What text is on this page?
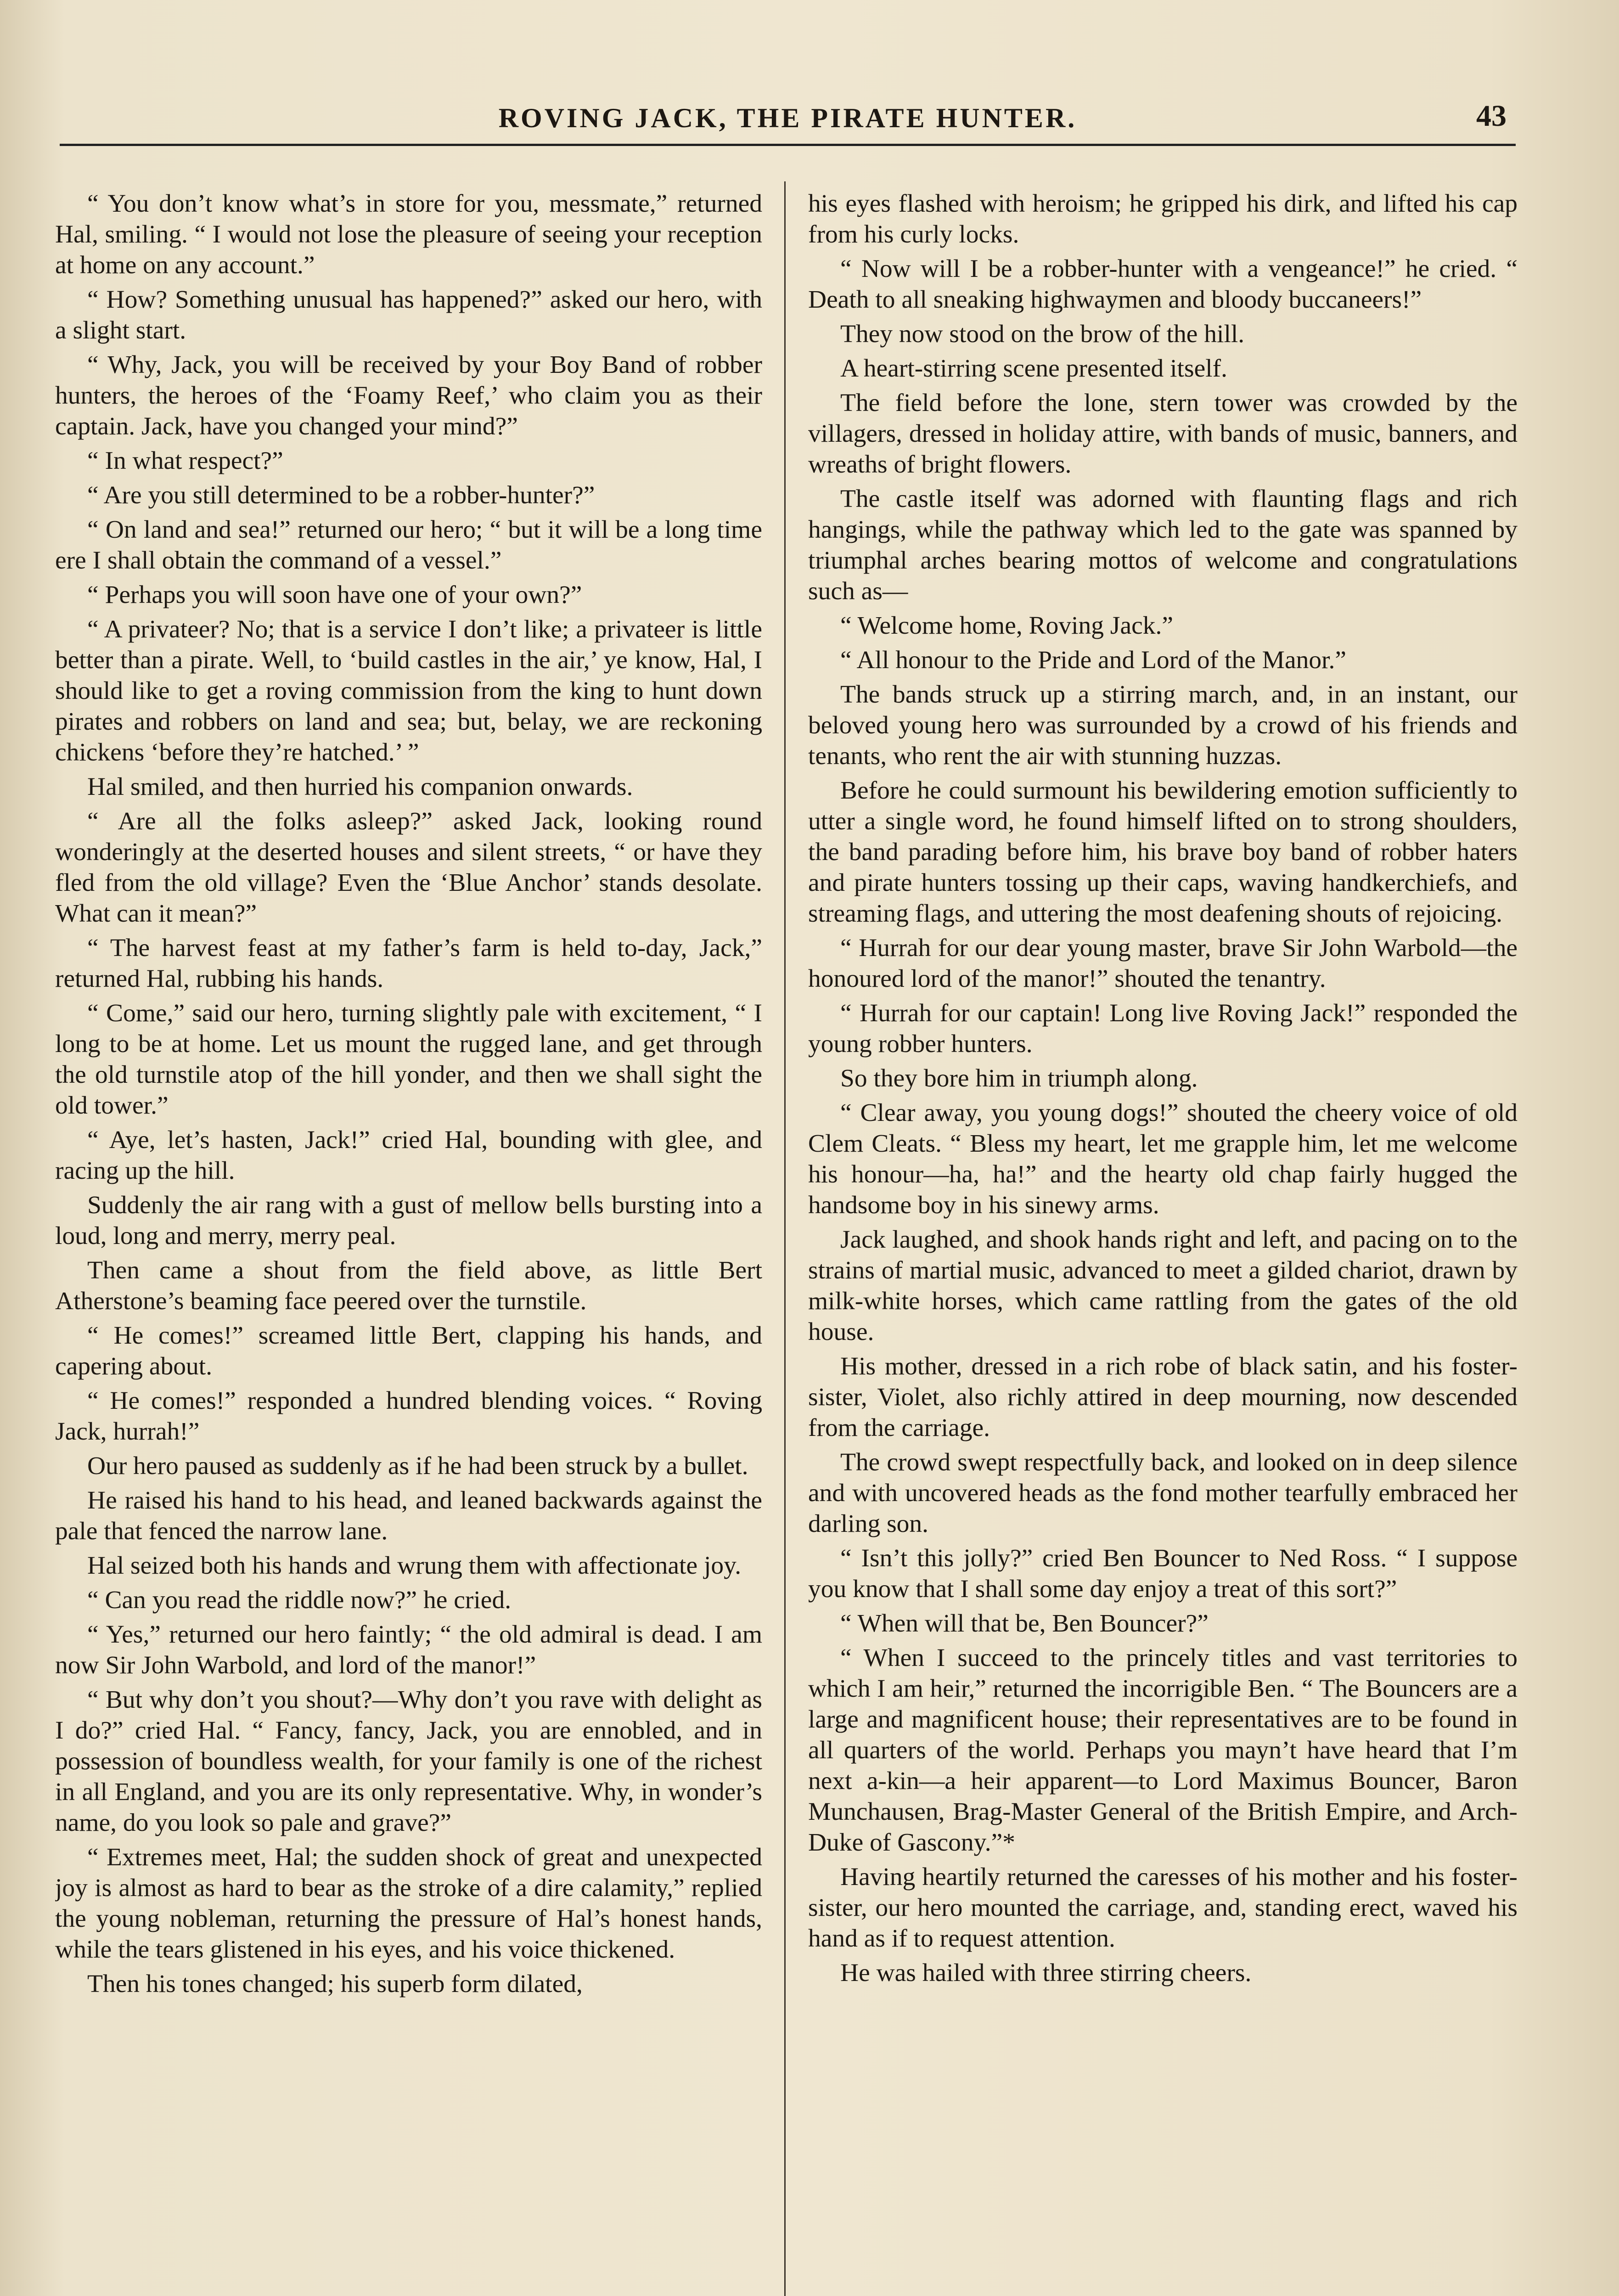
ROVING JACK, THE PIRATE HUNTER.	43

“ You don’t know what’s in store for you, messmate,” returned Hal, smiling. “ I would not lose the pleasure of seeing your reception at home on any account.”

“ How? Something unusual has happened?” asked our hero, with a slight start.

“ Why, Jack, you will be received by your Boy Band of robber hunters, the heroes of the ‘Foamy Reef,’ who claim you as their captain. Jack, have you changed your mind?”

“ In what respect?”

“ Are you still determined to be a robber-hunter?”

“ On land and sea!” returned our hero; “ but it will be a long time ere I shall obtain the command of a vessel.”

“ Perhaps you will soon have one of your own?”

“ A privateer? No; that is a service I don’t like; a privateer is little better than a pirate. Well, to ‘build castles in the air,’ ye know, Hal, I should like to get a roving commission from the king to hunt down pirates and robbers on land and sea; but, belay, we are reckoning chickens ‘before they’re hatched.’ ”

Hal smiled, and then hurried his companion onwards.

“ Are all the folks asleep?” asked Jack, looking round wonderingly at the deserted houses and silent streets, “ or have they fled from the old village? Even the ‘Blue Anchor’ stands desolate. What can it mean?”

“ The harvest feast at my father’s farm is held to-day, Jack,” returned Hal, rubbing his hands.

“ Come,” said our hero, turning slightly pale with excitement, “ I long to be at home. Let us mount the rugged lane, and get through the old turnstile atop of the hill yonder, and then we shall sight the old tower.”

“ Aye, let’s hasten, Jack!” cried Hal, bounding with glee, and racing up the hill.

Suddenly the air rang with a gust of mellow bells bursting into a loud, long and merry, merry peal.

Then came a shout from the field above, as little Bert Atherstone’s beaming face peered over the turnstile.

“ He comes!” screamed little Bert, clapping his hands, and capering about.

“ He comes!” responded a hundred blending voices. “ Roving Jack, hurrah!”

Our hero paused as suddenly as if he had been struck by a bullet.

He raised his hand to his head, and leaned backwards against the pale that fenced the narrow lane.

Hal seized both his hands and wrung them with affectionate joy.

“ Can you read the riddle now?” he cried.

“ Yes,” returned our hero faintly; “ the old admiral is dead. I am now Sir John Warbold, and lord of the manor!”

“ But why don’t you shout?—Why don’t you rave with delight as I do?” cried Hal. “ Fancy, fancy, Jack, you are ennobled, and in possession of boundless wealth, for your family is one of the richest in all England, and you are its only representative. Why, in wonder’s name, do you look so pale and grave?”

“ Extremes meet, Hal; the sudden shock of great and unexpected joy is almost as hard to bear as the stroke of a dire calamity,” replied the young nobleman, returning the pressure of Hal’s honest hands, while the tears glistened in his eyes, and his voice thickened.

Then his tones changed; his superb form dilated,

his eyes flashed with heroism; he gripped his dirk, and lifted his cap from his curly locks.

“ Now will I be a robber-hunter with a vengeance!” he cried. “ Death to all sneaking highwaymen and bloody buccaneers!”

They now stood on the brow of the hill.

A heart-stirring scene presented itself.

The field before the lone, stern tower was crowded by the villagers, dressed in holiday attire, with bands of music, banners, and wreaths of bright flowers.

The castle itself was adorned with flaunting flags and rich hangings, while the pathway which led to the gate was spanned by triumphal arches bearing mottos of welcome and congratulations such as—

“ Welcome home, Roving Jack.”

“ All honour to the Pride and Lord of the Manor.”

The bands struck up a stirring march, and, in an instant, our beloved young hero was surrounded by a crowd of his friends and tenants, who rent the air with stunning huzzas.

Before he could surmount his bewildering emotion sufficiently to utter a single word, he found himself lifted on to strong shoulders, the band parading before him, his brave boy band of robber haters and pirate hunters tossing up their caps, waving handkerchiefs, and streaming flags, and uttering the most deafening shouts of rejoicing.

“ Hurrah for our dear young master, brave Sir John Warbold—the honoured lord of the manor!” shouted the tenantry.

“ Hurrah for our captain! Long live Roving Jack!” responded the young robber hunters.

So they bore him in triumph along.

“ Clear away, you young dogs!” shouted the cheery voice of old Clem Cleats. “ Bless my heart, let me grapple him, let me welcome his honour—ha, ha!” and the hearty old chap fairly hugged the handsome boy in his sinewy arms.

Jack laughed, and shook hands right and left, and pacing on to the strains of martial music, advanced to meet a gilded chariot, drawn by milk-white horses, which came rattling from the gates of the old house.

His mother, dressed in a rich robe of black satin, and his foster-sister, Violet, also richly attired in deep mourning, now descended from the carriage.

The crowd swept respectfully back, and looked on in deep silence and with uncovered heads as the fond mother tearfully embraced her darling son.

“ Isn’t this jolly?” cried Ben Bouncer to Ned Ross. “ I suppose you know that I shall some day enjoy a treat of this sort?”

“ When will that be, Ben Bouncer?”

“ When I succeed to the princely titles and vast territories to which I am heir,” returned the incorrigible Ben. “ The Bouncers are a large and magnificent house; their representatives are to be found in all quarters of the world. Perhaps you mayn’t have heard that I’m next a-kin—a heir apparent—to Lord Maximus Bouncer, Baron Munchausen, Brag-Master General of the British Empire, and Arch-Duke of Gascony.”*

Having heartily returned the caresses of his mother and his foster-sister, our hero mounted the carriage, and, standing erect, waved his hand as if to request attention.

He was hailed with three stirring cheers.
